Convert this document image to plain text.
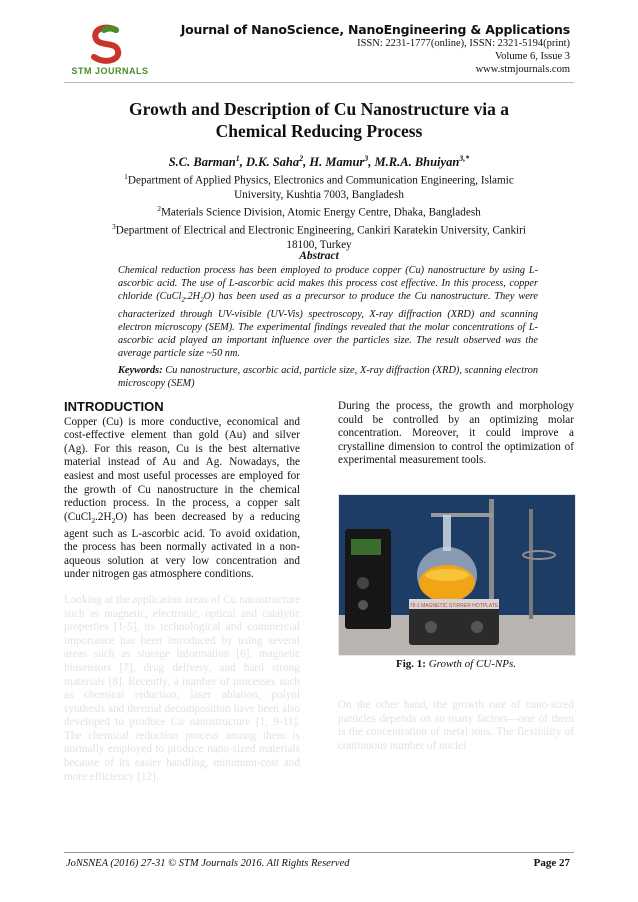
STM JOURNALS
Journal of NanoScience, NanoEngineering & Applications
ISSN: 2231-1777(online), ISSN: 2321-5194(print)
Volume 6, Issue 3
www.stmjournals.com
Growth and Description of Cu Nanostructure via a
Chemical Reducing Process
S.C. Barman$^1$, D.K. Saha$^2$, H. Mamur$^3$, M.R.A. Bhuiyan$^{3,*}$
$^1$Department of Applied Physics, Electronics and Communication Engineering, Islamic University, Kushtia 7003, Bangladesh
$^2$Materials Science Division, Atomic Energy Centre, Dhaka, Bangladesh
$^3$Department of Electrical and Electronic Engineering, Cankiri Karatekin University, Cankiri 18100, Turkey
Abstract
Chemical reduction process has been employed to produce copper (Cu) nanostructure by using L-ascorbic acid. The use of L-ascorbic acid makes this process cost effective. In this process, copper chloride $(CuCl_2.2H_2O)$ has been used as a precursor to produce the Cu nanostructure. They were characterized through UV-visible (UV-Vis) spectroscopy, X-ray diffraction (XRD) and scanning electron microscopy (SEM). The experimental findings revealed that the molar concentrations of L-ascorbic acid played an important influence over the particles size. The result observed was the average particle size ~50 nm.
Keywords: Cu nanostructure, ascorbic acid, particle size, X-ray diffraction (XRD), scanning electron microscopy (SEM)
INTRODUCTION

Copper (Cu) is more conductive, economical and cost-effective element than gold (Au) and silver (Ag). For this reason, Cu is the best alternative material instead of Au and Ag. Nowadays, the easiest and most useful processes are employed for the growth of Cu nanostructure in the chemical reduction process. In the process, a copper salt $(CuCl_2.2H_2O)$ has been decreased by a reducing agent such as L-ascorbic acid. To avoid oxidation, the process has been normally activated in a non-aqueous solution at very low concentration and under nitrogen gas atmosphere conditions.

Looking at the application areas of Cu nanostructure such as magnetic, electronic, optical and catalytic properties [1-5], its technological and commercial importance has been introduced by using several areas such as storage information [6], magnetic biosensors [7], drug delivery, and hard strong materials [8]. Recently, a number of processes such as chemical reduction, laser ablation, polyol synthesis and thermal decomposition have been also developed to produce Cu nanostructure [1, 9-11]. The chemical reduction process among them is normally employed to produce nano-sized materials because of its easier handling, minimum-cost and more efficiency [12].

During the process, the growth and morphology could be controlled by an optimizing molar concentration. Moreover, it could improve a crystalline dimension to control the optimization of experimental measurement tools.

78-1 MAGNETIC STIRRER HOTPLATE
Fig. 1: Growth of CU-NPs.

On the other hand, the growth rate of nano-sized particles depends on so many factors—one of them is the concentration of metal ions. The flexibility of continuous number of nuclei

JoNSNEA (2016) 27-31 © STM Journals 2016. All Rights Reserved	Page 27
